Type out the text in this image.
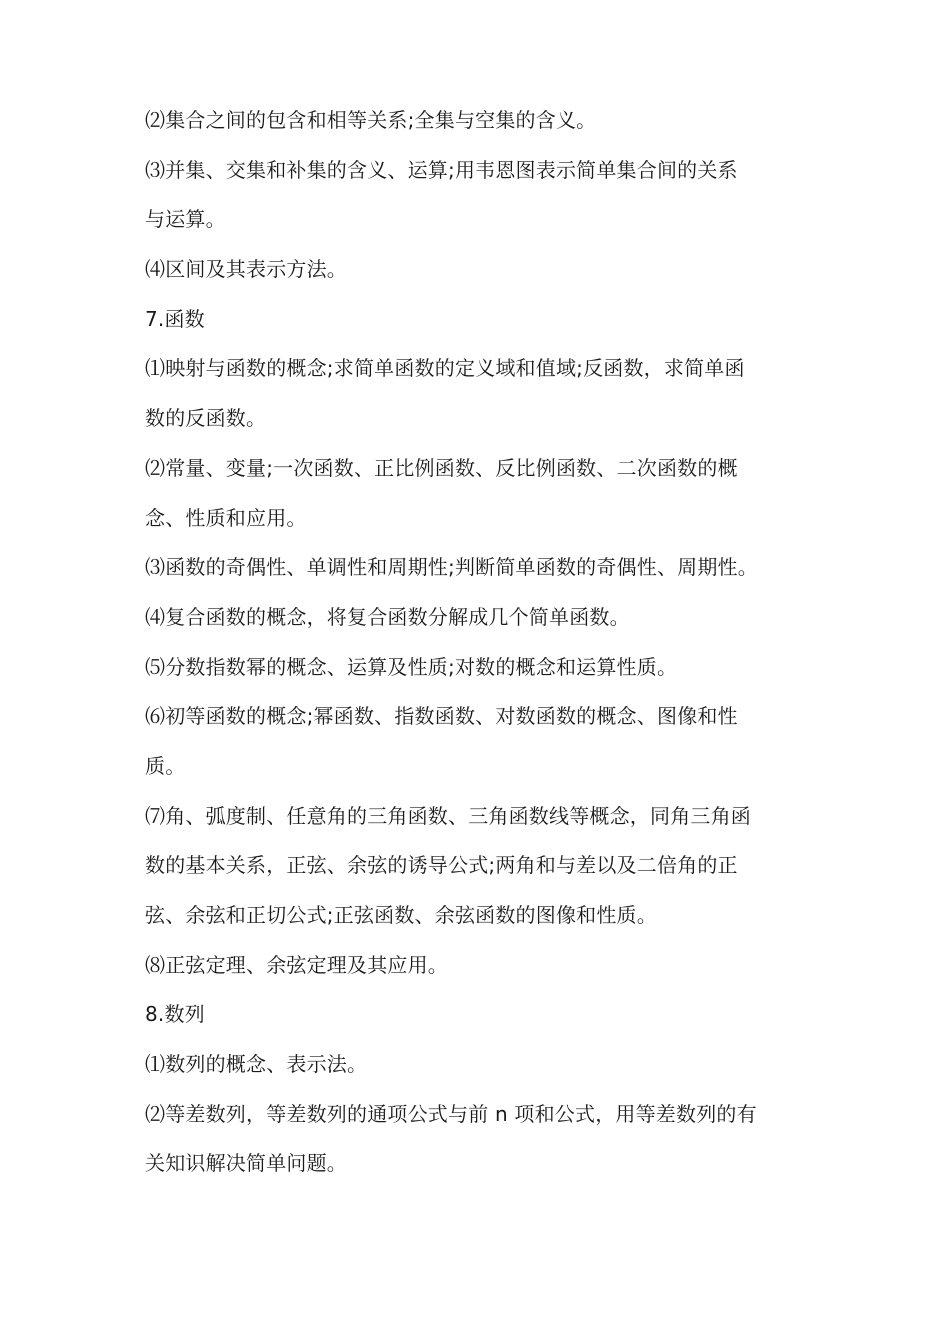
⑵集合之间的包含和相等关系;全集与空集的含义。
⑶并集、交集和补集的含义、运算;用韦恩图表示简单集合间的关系
与运算。
⑷区间及其表示方法。
7.函数
⑴映射与函数的概念;求简单函数的定义域和值域;反函数，求简单函
数的反函数。
⑵常量、变量;一次函数、正比例函数、反比例函数、二次函数的概
念、性质和应用。
⑶函数的奇偶性、单调性和周期性;判断简单函数的奇偶性、周期性。
⑷复合函数的概念，将复合函数分解成几个简单函数。
⑸分数指数幂的概念、运算及性质;对数的概念和运算性质。
⑹初等函数的概念;幂函数、指数函数、对数函数的概念、图像和性
质。
⑺角、弧度制、任意角的三角函数、三角函数线等概念，同角三角函
数的基本关系，正弦、余弦的诱导公式;两角和与差以及二倍角的正
弦、余弦和正切公式;正弦函数、余弦函数的图像和性质。
⑻正弦定理、余弦定理及其应用。
8.数列
⑴数列的概念、表示法。
⑵等差数列，等差数列的通项公式与前 n 项和公式，用等差数列的有
关知识解决简单问题。
